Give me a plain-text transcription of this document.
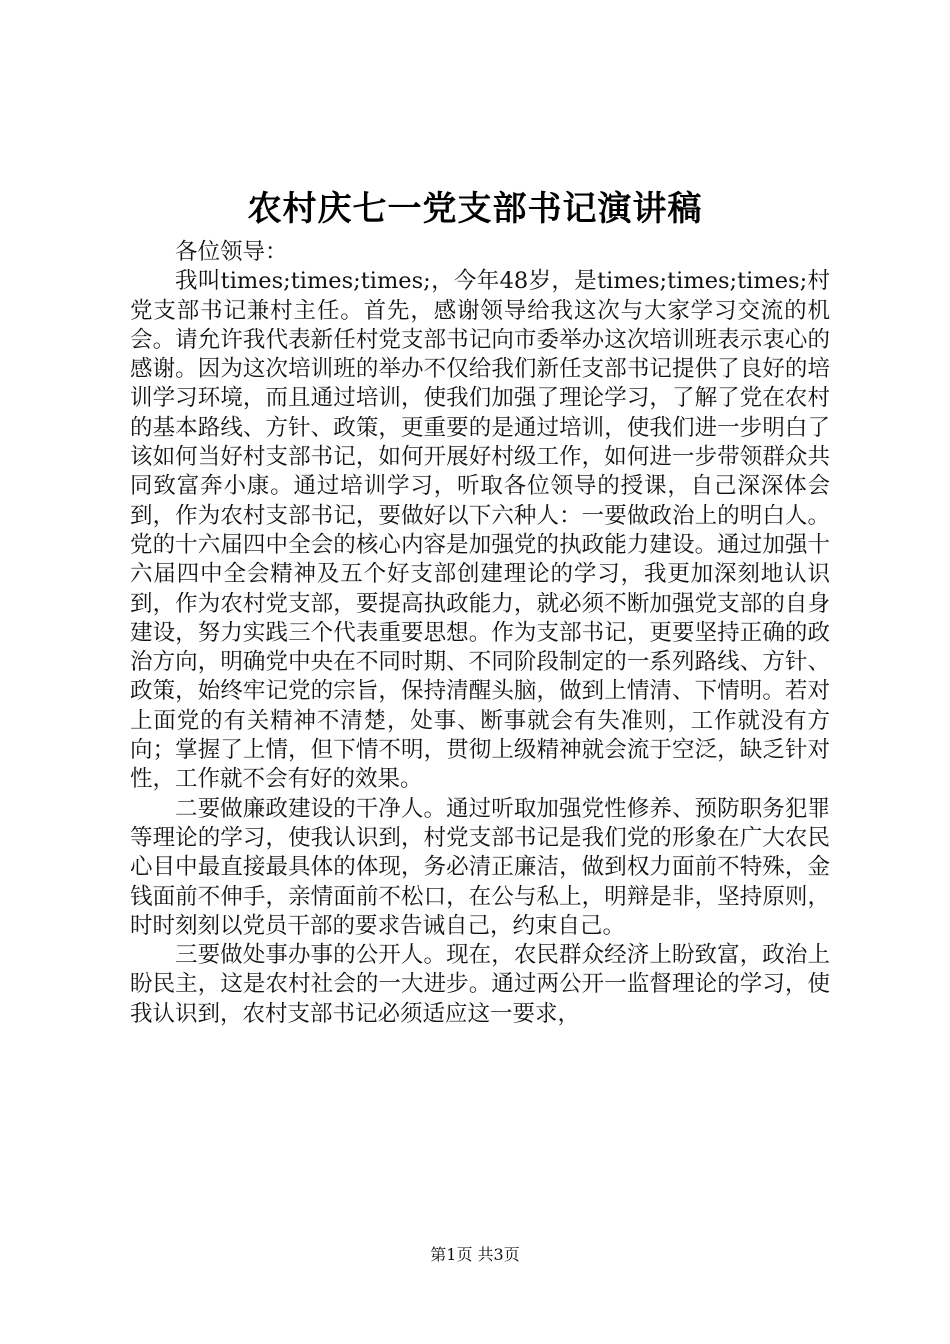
农村庆七一党支部书记演讲稿

各位领导：

我叫times;times;times;，今年48岁，是times;times;times;村党支部书记兼村主任。首先，感谢领导给我这次与大家学习交流的机会。请允许我代表新任村党支部书记向市委举办这次培训班表示衷心的感谢。因为这次培训班的举办不仅给我们新任支部书记提供了良好的培训学习环境，而且通过培训，使我们加强了理论学习，了解了党在农村的基本路线、方针、政策，更重要的是通过培训，使我们进一步明白了该如何当好村支部书记，如何开展好村级工作，如何进一步带领群众共同致富奔小康。通过培训学习，听取各位领导的授课，自己深深体会到，作为农村支部书记，要做好以下六种人：一要做政治上的明白人。党的十六届四中全会的核心内容是加强党的执政能力建设。通过加强十六届四中全会精神及五个好支部创建理论的学习，我更加深刻地认识到，作为农村党支部，要提高执政能力，就必须不断加强党支部的自身建设，努力实践三个代表重要思想。作为支部书记，更要坚持正确的政治方向，明确党中央在不同时期、不同阶段制定的一系列路线、方针、政策，始终牢记党的宗旨，保持清醒头脑，做到上情清、下情明。若对上面党的有关精神不清楚，处事、断事就会有失准则，工作就没有方向；掌握了上情，但下情不明，贯彻上级精神就会流于空泛，缺乏针对性，工作就不会有好的效果。

二要做廉政建设的干净人。通过听取加强党性修养、预防职务犯罪等理论的学习，使我认识到，村党支部书记是我们党的形象在广大农民心目中最直接最具体的体现，务必清正廉洁，做到权力面前不特殊，金钱面前不伸手，亲情面前不松口，在公与私上，明辩是非，坚持原则，时时刻刻以党员干部的要求告诫自己，约束自己。

三要做处事办事的公开人。现在，农民群众经济上盼致富，政治上盼民主，这是农村社会的一大进步。通过两公开一监督理论的学习，使我认识到，农村支部书记必须适应这一要求，

第1页 共3页
